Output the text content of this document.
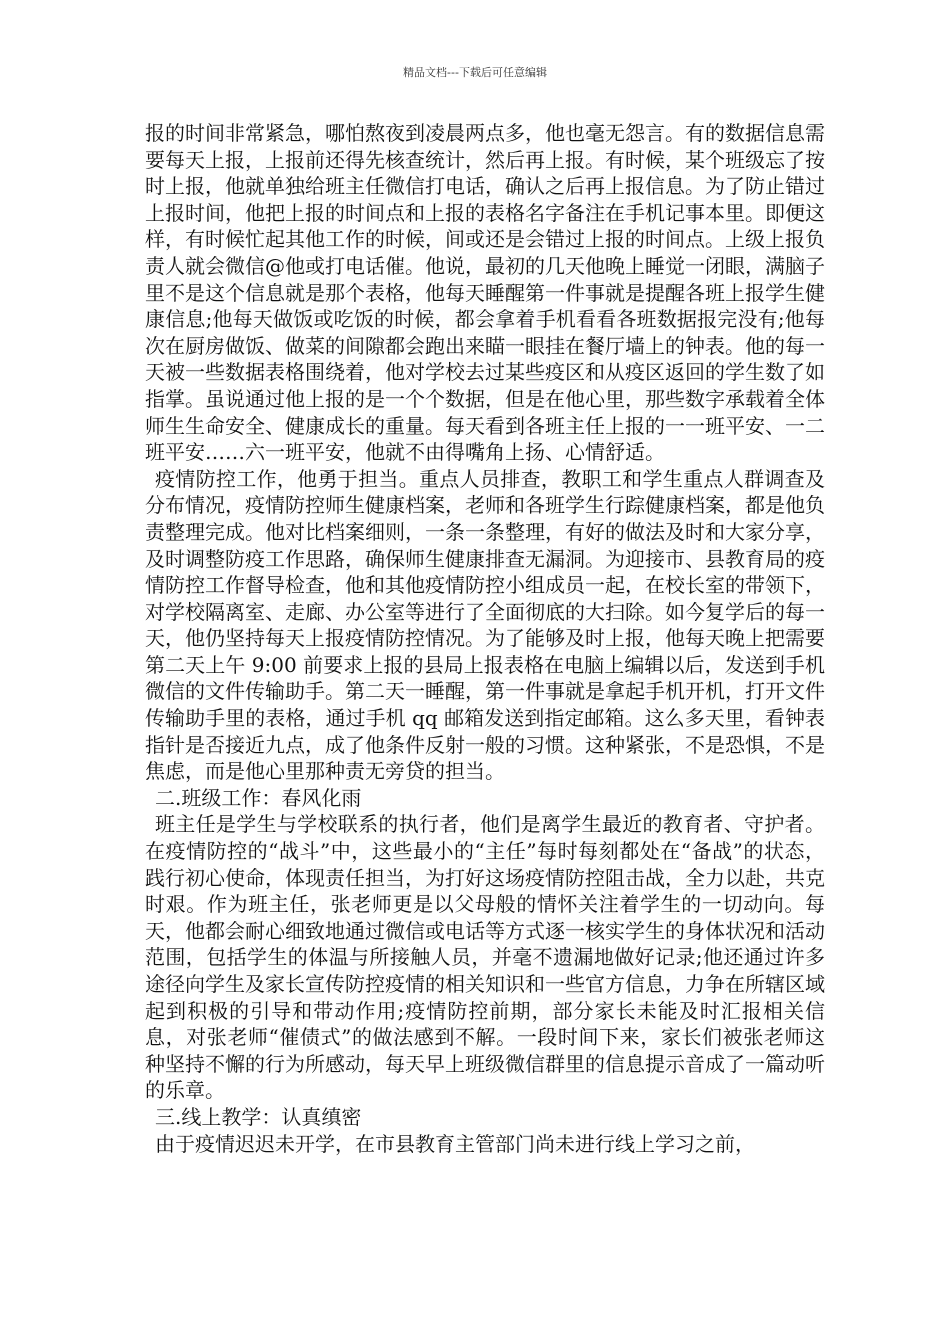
精品文档---下载后可任意编辑

报的时间非常紧急，哪怕熬夜到凌晨两点多，他也毫无怨言。有的数据信息需要每天上报，上报前还得先核查统计，然后再上报。有时候，某个班级忘了按时上报，他就单独给班主任微信打电话，确认之后再上报信息。为了防止错过上报时间，他把上报的时间点和上报的表格名字备注在手机记事本里。即便这样，有时候忙起其他工作的时候，间或还是会错过上报的时间点。上级上报负责人就会微信@他或打电话催。他说，最初的几天他晚上睡觉一闭眼，满脑子里不是这个信息就是那个表格，他每天睡醒第一件事就是提醒各班上报学生健康信息;他每天做饭或吃饭的时候，都会拿着手机看看各班数据报完没有;他每次在厨房做饭、做菜的间隙都会跑出来瞄一眼挂在餐厅墙上的钟表。他的每一天被一些数据表格围绕着，他对学校去过某些疫区和从疫区返回的学生数了如指掌。虽说通过他上报的是一个个数据，但是在他心里，那些数字承载着全体师生生命安全、健康成长的重量。每天看到各班主任上报的一一班平安、一二班平安……六一班平安，他就不由得嘴角上扬、心情舒适。

疫情防控工作，他勇于担当。重点人员排查，教职工和学生重点人群调查及分布情况，疫情防控师生健康档案，老师和各班学生行踪健康档案，都是他负责整理完成。他对比档案细则，一条一条整理，有好的做法及时和大家分享，及时调整防疫工作思路，确保师生健康排查无漏洞。为迎接市、县教育局的疫情防控工作督导检查，他和其他疫情防控小组成员一起，在校长室的带领下，对学校隔离室、走廊、办公室等进行了全面彻底的大扫除。如今复学后的每一天，他仍坚持每天上报疫情防控情况。为了能够及时上报，他每天晚上把需要第二天上午 9:00 前要求上报的县局上报表格在电脑上编辑以后，发送到手机微信的文件传输助手。第二天一睡醒，第一件事就是拿起手机开机，打开文件传输助手里的表格，通过手机 qq 邮箱发送到指定邮箱。这么多天里，看钟表指针是否接近九点，成了他条件反射一般的习惯。这种紧张，不是恐惧，不是焦虑，而是他心里那种责无旁贷的担当。

二.班级工作：春风化雨

班主任是学生与学校联系的执行者，他们是离学生最近的教育者、守护者。在疫情防控的“战斗”中，这些最小的“主任”每时每刻都处在“备战”的状态，践行初心使命，体现责任担当，为打好这场疫情防控阻击战，全力以赴，共克时艰。作为班主任，张老师更是以父母般的情怀关注着学生的一切动向。每天，他都会耐心细致地通过微信或电话等方式逐一核实学生的身体状况和活动范围，包括学生的体温与所接触人员，并毫不遗漏地做好记录;他还通过许多途径向学生及家长宣传防控疫情的相关知识和一些官方信息，力争在所辖区域起到积极的引导和带动作用;疫情防控前期，部分家长未能及时汇报相关信息，对张老师“催债式”的做法感到不解。一段时间下来，家长们被张老师这种坚持不懈的行为所感动，每天早上班级微信群里的信息提示音成了一篇动听的乐章。

三.线上教学：认真缜密

由于疫情迟迟未开学，在市县教育主管部门尚未进行线上学习之前，
